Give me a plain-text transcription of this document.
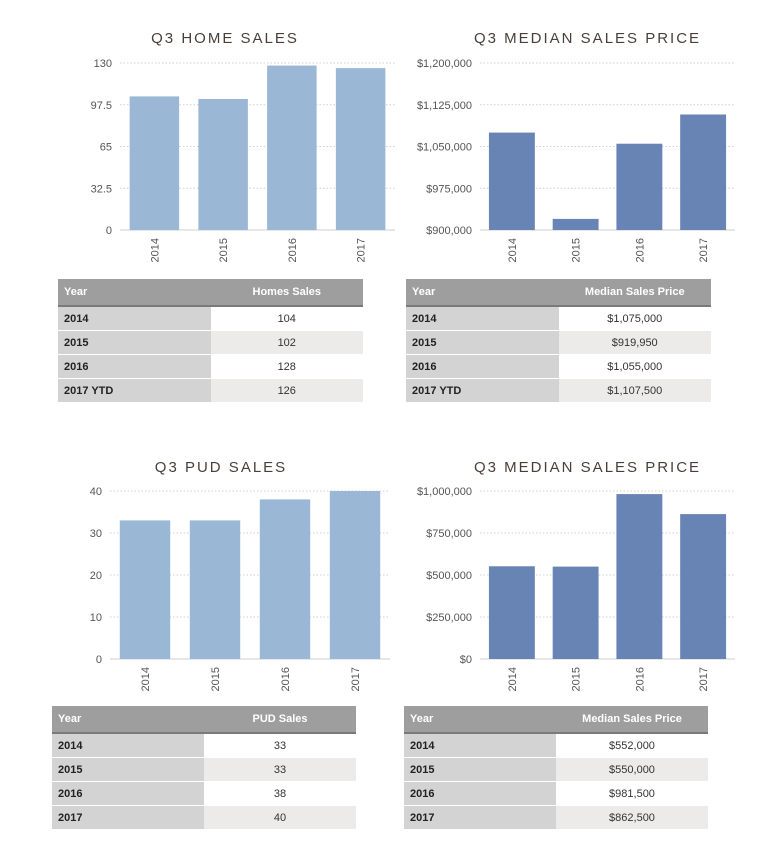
Q3 HOME SALES
0
32.5
65
97.5
130
2014	2015	2016	2017
Year	Homes Sales
2014	104
2015	102
2016	128
2017 YTD	126
Q3 MEDIAN SALES PRICE
$900,000
$975,000
$1,050,000
$1,125,000
$1,200,000
2014	2015	2016	2017
Year	Median Sales Price
2014	$1,075,000
2015	$919,950
2016	$1,055,000
2017 YTD	$1,107,500
Q3 PUD SALES
0
10
20
30
40
2014	2015	2016	2017
Year	PUD Sales
2014	33
2015	33
2016	38
2017	40
Q3 MEDIAN SALES PRICE
$0
$250,000
$500,000
$750,000
$1,000,000
2014	2015	2016	2017
Year	Median Sales Price
2014	$552,000
2015	$550,000
2016	$981,500
2017	$862,500
